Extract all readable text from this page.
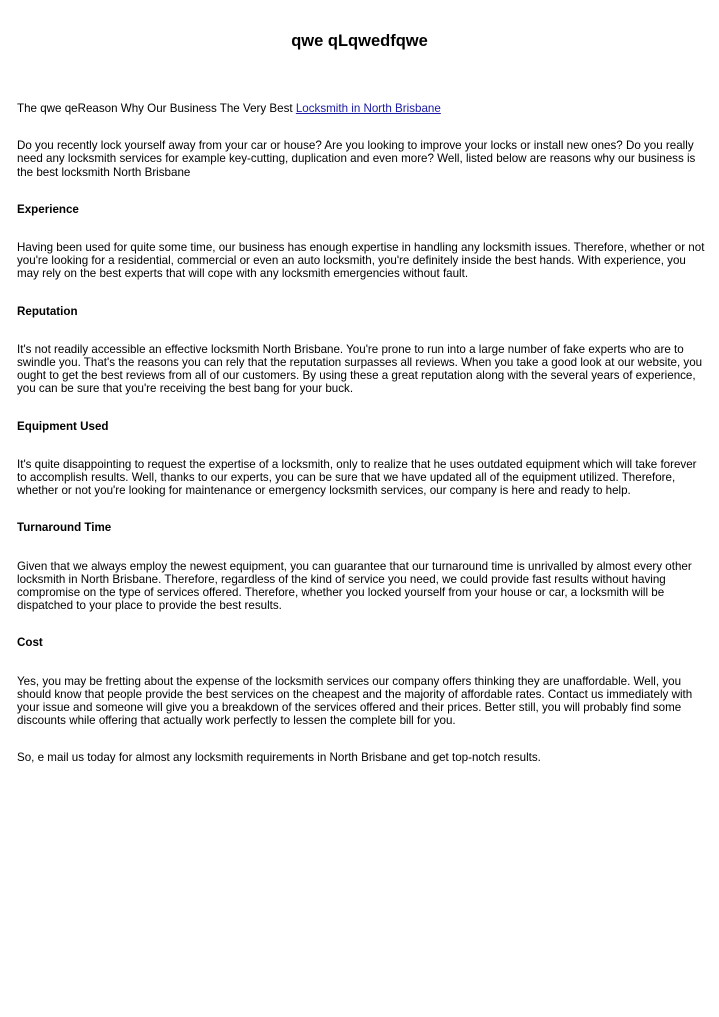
qwe qLqwedfqwe

The qwe qeReason Why Our Business The Very Best Locksmith in North Brisbane

Do you recently lock yourself away from your car or house? Are you looking to improve your locks or install new ones? Do you really need any locksmith services for example key-cutting, duplication and even more? Well, listed below are reasons why our business is the best locksmith North Brisbane

Experience

Having been used for quite some time, our business has enough expertise in handling any locksmith issues. Therefore, whether or not you're looking for a residential, commercial or even an auto locksmith, you're definitely inside the best hands. With experience, you may rely on the best experts that will cope with any locksmith emergencies without fault.

Reputation

It's not readily accessible an effective locksmith North Brisbane. You're prone to run into a large number of fake experts who are to swindle you. That's the reasons you can rely that the reputation surpasses all reviews. When you take a good look at our website, you ought to get the best reviews from all of our customers. By using these a great reputation along with the several years of experience, you can be sure that you're receiving the best bang for your buck.

Equipment Used

It's quite disappointing to request the expertise of a locksmith, only to realize that he uses outdated equipment which will take forever to accomplish results. Well, thanks to our experts, you can be sure that we have updated all of the equipment utilized. Therefore, whether or not you're looking for maintenance or emergency locksmith services, our company is here and ready to help.

Turnaround Time

Given that we always employ the newest equipment, you can guarantee that our turnaround time is unrivalled by almost every other locksmith in North Brisbane. Therefore, regardless of the kind of service you need, we could provide fast results without having compromise on the type of services offered. Therefore, whether you locked yourself from your house or car, a locksmith will be dispatched to your place to provide the best results.

Cost

Yes, you may be fretting about the expense of the locksmith services our company offers thinking they are unaffordable. Well, you should know that people provide the best services on the cheapest and the majority of affordable rates. Contact us immediately with your issue and someone will give you a breakdown of the services offered and their prices. Better still, you will probably find some discounts while offering that actually work perfectly to lessen the complete bill for you.

So, e mail us today for almost any locksmith requirements in North Brisbane and get top-notch results.
